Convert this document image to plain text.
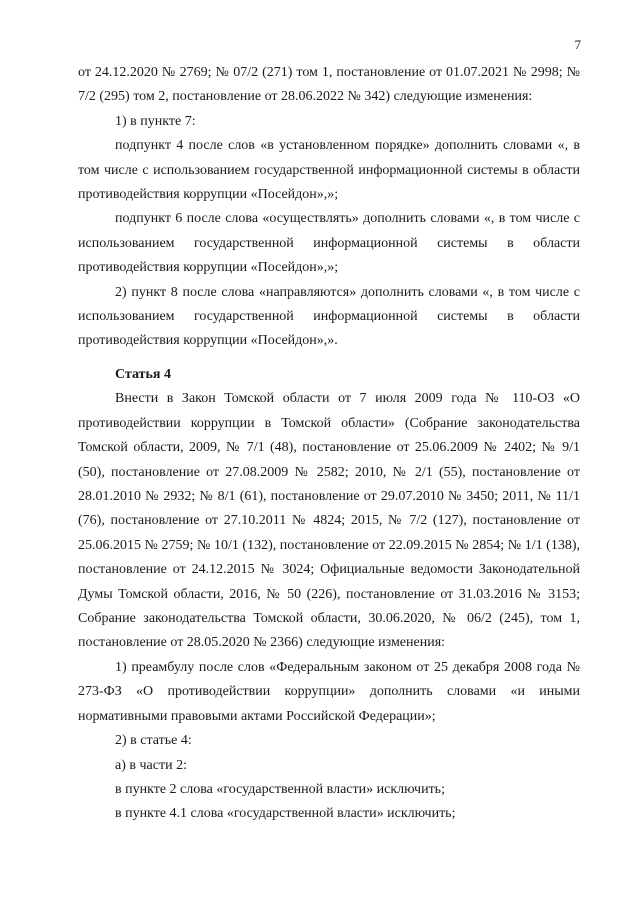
7

от 24.12.2020 № 2769; № 07/2 (271) том 1, постановление от 01.07.2021 № 2998; № 7/2 (295) том 2, постановление от 28.06.2022 № 342) следующие изменения:

1) в пункте 7:

подпункт 4 после слов «в установленном порядке» дополнить словами «, в том числе с использованием государственной информационной системы в области противодействия коррупции «Посейдон»,»;

подпункт 6 после слова «осуществлять» дополнить словами «, в том числе с использованием государственной информационной системы в области противодействия коррупции «Посейдон»,»;

2) пункт 8 после слова «направляются» дополнить словами «, в том числе с использованием государственной информационной системы в области противодействия коррупции «Посейдон»,».

Статья 4

Внести в Закон Томской области от 7 июля 2009 года № 110-ОЗ «О противодействии коррупции в Томской области» (Собрание законодательства Томской области, 2009, № 7/1 (48), постановление от 25.06.2009 № 2402; № 9/1 (50), постановление от 27.08.2009 № 2582; 2010, № 2/1 (55), постановление от 28.01.2010 № 2932; № 8/1 (61), постановление от 29.07.2010 № 3450; 2011, № 11/1 (76), постановление от 27.10.2011 № 4824; 2015, № 7/2 (127), постановление от 25.06.2015 № 2759; № 10/1 (132), постановление от 22.09.2015 № 2854; № 1/1 (138), постановление от 24.12.2015 № 3024; Официальные ведомости Законодательной Думы Томской области, 2016, № 50 (226), постановление от 31.03.2016 № 3153; Собрание законодательства Томской области, 30.06.2020, № 06/2 (245), том 1, постановление от 28.05.2020 № 2366) следующие изменения:

1) преамбулу после слов «Федеральным законом от 25 декабря 2008 года № 273-ФЗ «О противодействии коррупции» дополнить словами «и иными нормативными правовыми актами Российской Федерации»;

2) в статье 4:

а) в части 2:

в пункте 2 слова «государственной власти» исключить;

в пункте 4.1 слова «государственной власти» исключить;
